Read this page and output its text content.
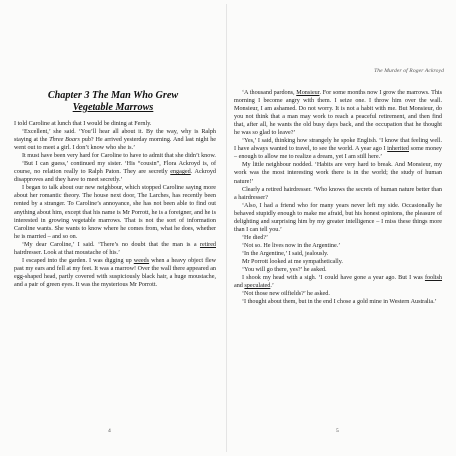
Chapter 3 The Man Who Grew

Vegetable Marrows

I told Caroline at lunch that I would be dining at Fernly.

‘Excellent,’ she said. ‘You’ll hear all about it. By the way, why is Ralph staying at the Three Boars pub? He arrived yesterday morning. And last night he went out to meet a girl. I don’t know who she is.’

It must have been very hard for Caroline to have to admit that she didn’t know.

‘But I can guess,’ continued my sister. ‘His “cousin”, Flora Ackroyd is, of course, no relation really to Ralph Paton. They are secretly engaged. Ackroyd disapproves and they have to meet secretly.’

I began to talk about our new neighbour, which stopped Caroline saying more about her romantic theory. The house next door, The Larches, has recently been rented by a stranger. To Caroline’s annoyance, she has not been able to find out anything about him, except that his name is Mr Porrott, he is a foreigner, and he is interested in growing vegetable marrows. That is not the sort of information Caroline wants. She wants to know where he comes from, what he does, whether he is married – and so on.

‘My dear Caroline,’ I said. ‘There’s no doubt that the man is a retired hairdresser. Look at that moustache of his.’

I escaped into the garden. I was digging up weeds when a heavy object flew past my ears and fell at my feet. It was a marrow! Over the wall there appeared an egg-shaped head, partly covered with suspiciously black hair, a huge moustache, and a pair of green eyes. It was the mysterious Mr Porrott.

4
The Murder of Roger Ackroyd

‘A thousand pardons, Monsieur. For some months now I grow the marrows. This morning I become angry with them. I seize one. I throw him over the wall. Monsieur, I am ashamed. Do not worry. It is not a habit with me. But Monsieur, do you not think that a man may work to reach a peaceful retirement, and then find that, after all, he wants the old busy days back, and the occupation that he thought he was so glad to leave?’

‘Yes,’ I said, thinking how strangely he spoke English. ‘I know that feeling well. I have always wanted to travel, to see the world. A year ago I inherited some money – enough to allow me to realize a dream, yet I am still here.’

My little neighbour nodded. ‘Habits are very hard to break. And Monsieur, my work was the most interesting work there is in the world; the study of human nature!’

Clearly a retired hairdresser. ‘Who knows the secrets of human nature better than a hairdresser?

‘Also, I had a friend who for many years never left my side. Occasionally he behaved stupidly enough to make me afraid, but his honest opinions, the pleasure of delighting and surprising him by my greater intelligence – I miss these things more than I can tell you.’

‘He died?’

‘Not so. He lives now in the Argentine.’

‘In the Argentine,’ I said, jealously.

Mr Porrott looked at me sympathetically.

‘You will go there, yes?’ he asked.

I shook my head with a sigh. ‘I could have gone a year ago. But I was foolish and speculated.’

‘Not those new oilfields?’ he asked.

‘I thought about them, but in the end I chose a gold mine in Western Australia.’

5
